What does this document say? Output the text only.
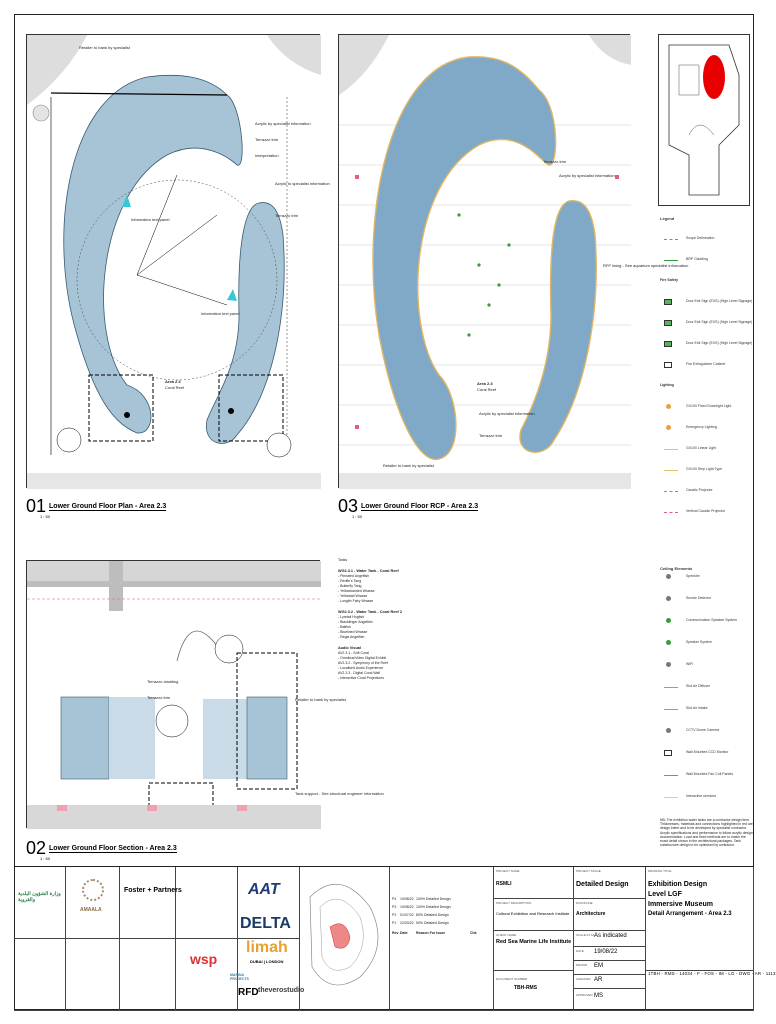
Retailer to bank by specialist
Acrylic by specialist information
Terrazzo trim
Interpretation
Acrylic to specialist information
Terrazzo trim
Information text panel
Information text panel
Area 2.3
Coral Reef
01 Lower Ground Floor Plan - Area 2.3
1 : 50
Terrazzo trim
Acrylic by specialist information
RFP lining - See aquarium specialist information
Acrylic by specialist information
Terrazzo trim
Retailer to bank by specialist
Area 2.3
Coral Reef
03 Lower Ground Floor RCP - Area 2.3
1 : 50
Legend
Scope Delineation
BRP Cladding
Fire Safety
Door Exit Sign (EXS) (High Level Signage)
Door Exit Sign (EXS) (High Level Signage)
Door Exit Sign (EXS) (High Level Signage)
Fire Extinguisher Cabinet
Lighting
GX100 Fixed Downlight Light
Emergency Lighting
GX100 Linear Light
GX100 Strip Light Type
Caustic Projector
Vertical Caustic Projector
Ceiling Elements
Sprinkler
Smoke Detector
Communication Speaker System
Speaker System
WiFi
Slot Air Diffuser
Slot Air Intake
CCTV Dome Camera
Wall Mounted CCD Monitor
Wall Mounted Fan Coil Panels
Interactive services
NB: The exhibition water tanks are a contractor design item. Thicknesses, materials and connections highlighted in red are design intent and to be developed by specialist contractor. Acrylic specifications and performance to follow acrylic design documentation. Load and fixed methods are to match the exact detail shown in the architectural packages. Tank substructure design to be optimised by contractor.
Terrazzo cladding
Terrazzo trim	Retailer to bank by specialist
Tank support - See structural engineer information
02 Lower Ground Floor Section - Area 2.3
1 : 50
Tanks
WG2.3.1 - Water Tank - Coral Reef
- Pinnated Angelfish
- Redfin's Tang
- Butterfly Tang
- Yellowbanded Wrasse
- Yellowtail Wrasse
- Longfin Fairy Wrasse
WG2.3.2 - Water Tank - Coral Reef 2
- Lyretail Hogfish
- Blackfinger Angelfish
- Batfish
- Bluelined Wrasse
- Regal Angelfish
Audio Visual
AV2.3.1 - Soft Coral
- Omnibus/Video Digital Exhibit
AV2.3.2 - Symphony of the Reef
- Localised Audio Experience
AV2.3.3 - Digital Coral Wall
- Interactive Coral Projections
وزارة الشؤون البلدية والقروية
AMAALA
Foster + Partners	AAT
DELTA
limah
DUBAI | LONDON
wsp
MARINA PROJECTS
RFD theverostudio
P4 19/08/22 100% Detailed Design
P3 19/08/22 100% Detailed Design
P2 01/07/22 80% Detailed Design
P1 22/03/22 50% Detailed Design
Rev Date Reason For Issue	Chk
PROJECT NAME
RSMLI
PROJECT STAGE
Detailed Design
PROJECT DESCRIPTION
Cultural Exhibition and Research Institute
DISCIPLINE
Architecture
CLIENT NAME
Red Sea Marine Life Institute
SCALE AT A1 As indicated
DATE 19/08/22
DRAWN EM
CHECKED AR
DOCUMENT NUMBER
TBH-RMS
APPROVED MS
DRAWING TITLE
Exhibition Design
Level LGF
Immersive Museum
Detail Arrangement - Area 2.3
1TBH - RMS - 14034 - F - FOS - IM - LG - DWG - AR - 1113
